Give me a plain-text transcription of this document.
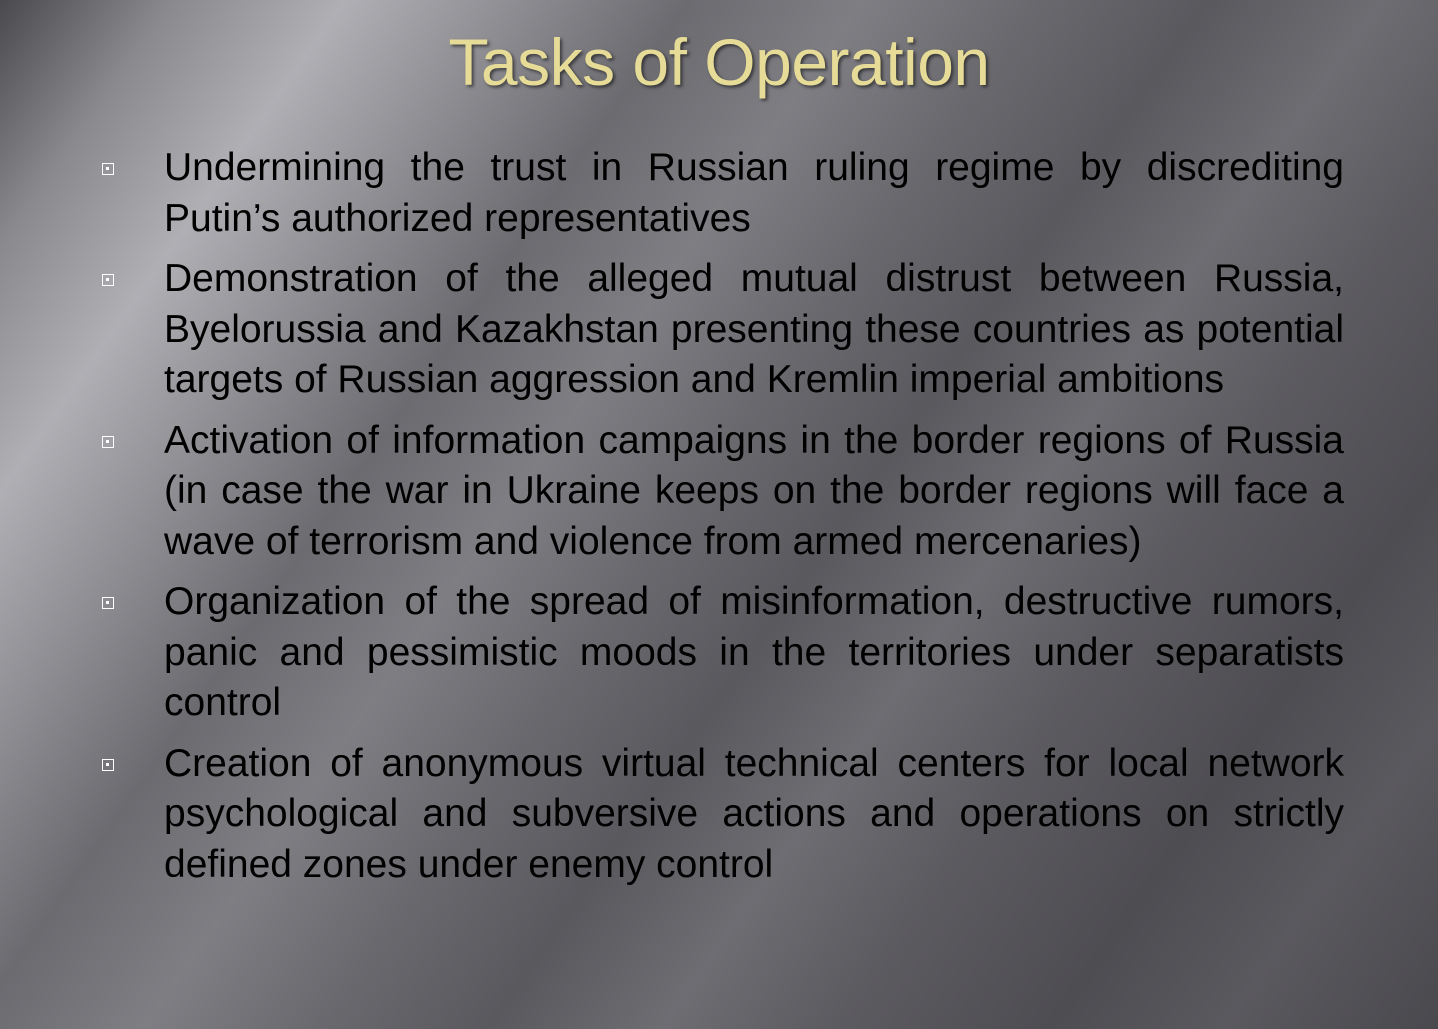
Tasks of Operation
Undermining the trust in Russian ruling regime by discrediting Putin’s authorized representatives
Demonstration of the alleged mutual distrust between Russia, Byelorussia and Kazakhstan presenting these countries as potential targets of Russian aggression and Kremlin imperial ambitions
Activation of information campaigns in the border regions of Russia (in case the war in Ukraine keeps on the border regions will face a wave of terrorism and violence from armed mercenaries)
Organization of the spread of misinformation, destructive rumors, panic and pessimistic moods in the territories under separatists control
Creation of anonymous virtual technical centers for local network psychological and subversive actions and operations on strictly defined zones under enemy control
